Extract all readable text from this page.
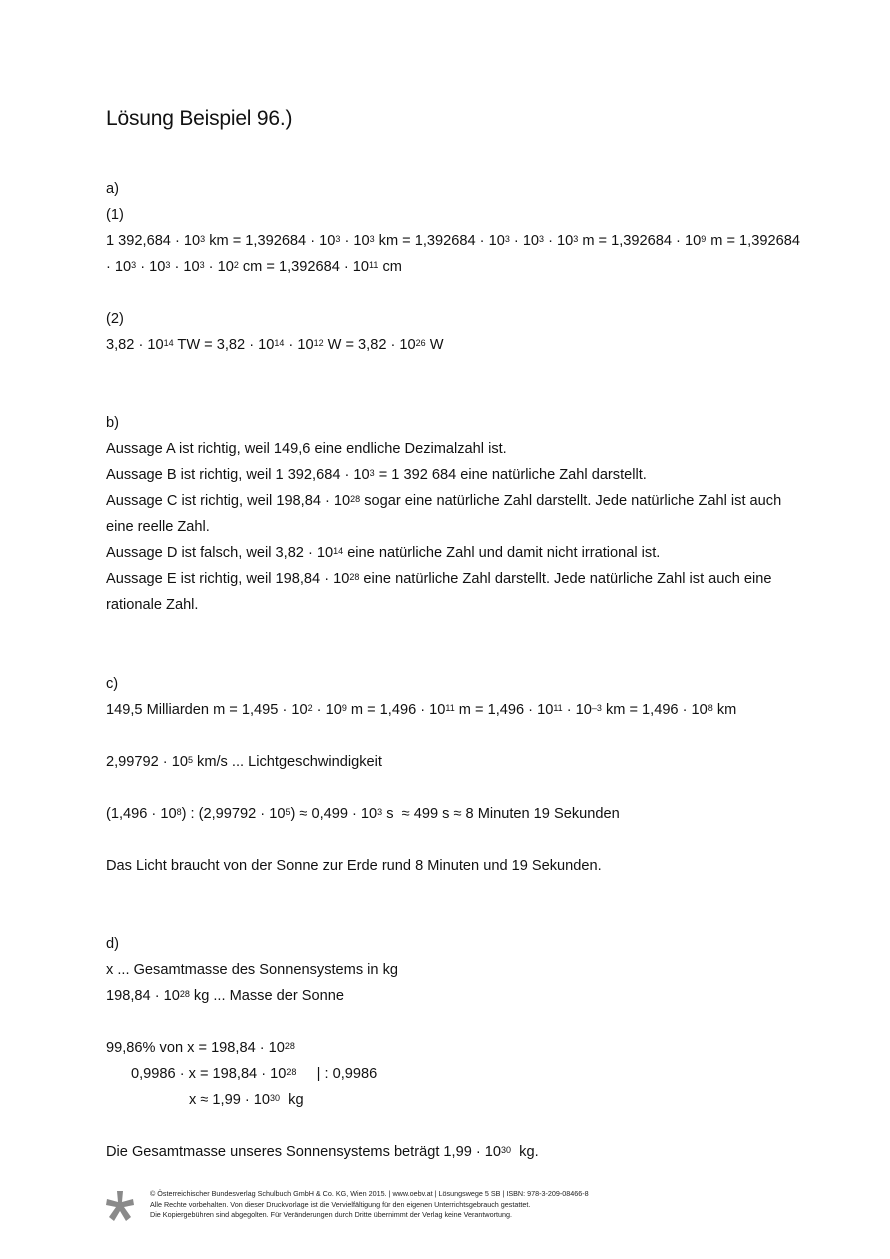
Lösung Beispiel 96.)
a)
(1)
1 $392,684 \cdot 10^3$ km = $1,392684 \cdot 10^3 \cdot 10^3$ km = $1,392684 \cdot 10^3 \cdot 10^3 \cdot 10^3$ $m = 1,392684 \cdot 10^9$ m = 1,392684
· $10^3 \cdot 10^3 \cdot 10^3 \cdot 10^2$ cm = $1,392684 \cdot 10^{11}$ cm
(2)
$3,82 \cdot 10^{14}$ TW = $3,82 \cdot 10^{14} \cdot 10^{12}$ $W = 3,82 \cdot 10^{26}$ W
b)
Aussage A ist richtig, weil 149,6 eine endliche Dezimalzahl ist.
Aussage B ist richtig, weil 1 $392,684 \cdot 10^3 = 1$ 392 684 eine natürliche Zahl darstellt.
Aussage C ist richtig, weil $198,84 \cdot 10^{28}$ sogar eine natürliche Zahl darstellt. Jede natürliche Zahl ist auch
eine reelle Zahl.
Aussage D ist falsch, weil $3,82 \cdot 10^{14}$ eine natürliche Zahl und damit nicht irrational ist.
Aussage E ist richtig, weil $198,84 \cdot 10^{28}$ eine natürliche Zahl darstellt. Jede natürliche Zahl ist auch eine
rationale Zahl.
c)
149,5 Milliarden $m = 1,495 \cdot 10^2 \cdot 10^9$ $m = 1,496 \cdot 10^{11}$ $m = 1,496 \cdot 10^{11} \cdot 10^{-3}$ km = $1,496 \cdot 10^8$ km
$2,99792 \cdot 10^5$ km/s ... Lichtgeschwindigkeit
$(1,496 \cdot 10^8)$ : $(2,99792 \cdot 10^5) \approx 0,499 \cdot 10^3$ s  ≈ 499 s ≈ 8 Minuten 19 Sekunden
Das Licht braucht von der Sonne zur Erde rund 8 Minuten und 19 Sekunden.
d)
x ... Gesamtmasse des Sonnensystems in kg
$198,84 \cdot 10^{28}$ kg ... Masse der Sonne
99,86% von $x = 198,84 \cdot 10^{28}$
$0,9986 \cdot x = 198,84 \cdot 10^{28}$     | : 0,9986
$x \approx 1,99 \cdot 10^{30}$  kg
Die Gesamtmasse unseres Sonnensystems beträgt $1,99 \cdot 10^{30}$  kg.
© Österreichischer Bundesverlag Schulbuch GmbH & Co. KG, Wien 2015. | www.oebv.at | Lösungswege 5 SB | ISBN: 978-3-209-08466-8
Alle Rechte vorbehalten. Von dieser Druckvorlage ist die Vervielfältigung für den eigenen Unterrichtsgebrauch gestattet.
Die Kopiergebühren sind abgegolten. Für Veränderungen durch Dritte übernimmt der Verlag keine Verantwortung.
